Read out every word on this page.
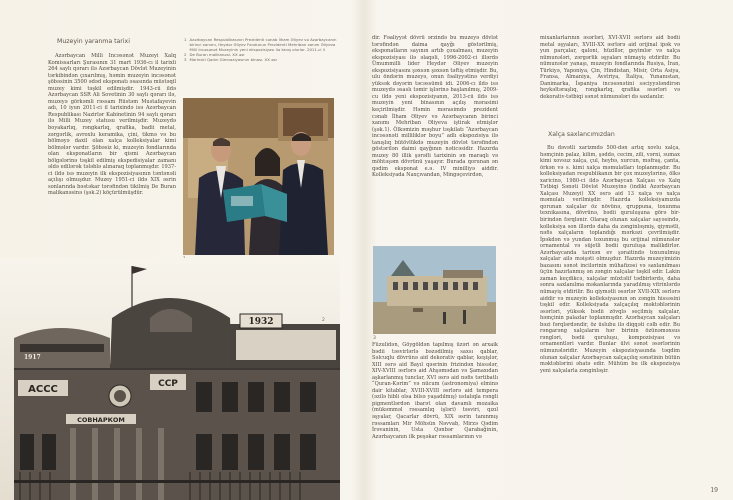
Muzeyin yaranma tarixi

Azərbaycan Milli İncəsənət Muzeyi Xalq Komissarları Şurasının 31 mart 1936-cı il tarixli 264 saylı qərarı ilə Azərbaycan Dövlət Muzeyinin tərkibindən çıxarılmış, həmin muzeyin incəsənət şöbəsinin 3500 ədəd eksponatı əsasında müstəqil muzey kimi təşkil edilmişdir. 1943-cü ildə Azərbaycan SSR Ali Sovetinin 30 saylı qərarı ilə, muzeyə görkəmli rəssam Rüstəm Mustafayevin adı, 10 iyun 2011-ci il tarixində isə Azərbaycan Respublikası Nazirlər Kabinetinin 94 saylı qərarı ilə Milli Muzey statusu verilmişdir. Muzeydə boyakarlıq, rəngkarlıq, qrafika, badii metal, zərgərlik, avroxlu keramika, çini, tikmə və bu bölməyə daxil olan xalça kolleksiyalar kimi bölmələr vardır. Şöbəsiz ki, muzeyin fondlarında olan eksponatların bir qismi Azərbaycan bölgələrinə təşkil edilmiş ekspedisiyalar zamanı əldə edilərək tələblə alınaraq toplanmışdır. 1937-ci ildə isə muzeyin ilk ekspozisiyasının təntənəli açılışı olmuşdur. Muzey 1951-ci ildə XIX əsrin sonlarında bəstəkar tərəfindən tikilmiş De Buran malikanəsinə (şək.2) köçürülmüşdür.

1 Azərbaycan Respublikasının Prezidenti cənab İlham Əliyev və Azərbaycanın birinci xanımı, Heydər Əliyev Fondunun Prezidenti Mehriban xanım Əliyeva Milli İncəsənət Muzeyinin yeni ekspozisiyası ilə tanış olurlar. 2011-ci il
2 De Buran malikanəsi. XX əsr
3 Marinski Qadın Gimnaziyasının binası. XX əsr
1932
1917
АССС	ССР
СОВНАРКОМ
2

dir. Fəaliyyət dövrü ərzində bu muzeyə dövlət tərəfindən daima qayğı göstərilmiş, eksponatların sayının artıb çoxalması, muzeyin ekspozisiyası ilə əlaqəli, 1996-2002-ci illərdə Ümummilli lider Heydər Əliyev muzeyin ekspozisiyasını şəxsən şəxsən təftiş etmişdir. Bu, ulu öndərin muzeyə, onun fəaliyyətinə verdiyi yüksək dəyərin təcəssümü idi. 2006-cı ildə isə muzeydə əsaslı təmir işlərinə başlanılmış, 2009-cu ildə yeni ekspozisiyanın, 2013-cü ildə isə muzeyin yeni binasının açılış mərasimi keçirilmişdir. Həmin mərasimdə prezident cənab İlham Əliyev və Azərbaycanın birinci xanımı Mehriban Əliyeva iştirak etmişlər (şək.1). Ölkəmizin məşhur təşkilatı “Azərbaycan incəsənəti milliliklər boyu” adlı ekspozisiya ilə tanışlıq bütövlükdə muzeyin dövlət tərəfindən göstərilən daimi qayğının nəticəsidir. Hazırda muzey 80 illik şərəfli tarixinin ən maraqlı və möhtəşəm dövrünü yaşayır. Burada qorunan ən qədim eksponat e.ə. IV minilliyə aiddir. Kolleksiyada Naxçıvandan, Mingəçevirdən,

3

Füzulidən, Göygöldən tapılmış üzəri ən arxaik bədii təsvirlərlə bəzədilmiş saxsı qablar, Səlcuqlu dövrünə aid dekorativ qablar, keşişlər, XIII əsrə aid Bayıl qəsrinin frizindən hissələr, XIV-XVIII əsrlərə aid Ahşəmədan və Şamaxıdan aşkarlanmış tunclar, XVI əsrə aid nəfis tərtibatlı “Quran-Kərim” və nücum (astronomiya) elminə dair kitablar, XVIII-XVIII əsrlərə aid tempera (əzilə hibli olsa bilsə yaşadılmış) ustalıqla rəngli pigmentlərdən ibarət olan davamlı mozaika (mükəmməl rəssamlıq işləri) təsviri, qızıl əşyalar, Qacarlar dövrü, XIX əsrin tanınmış rəssamları Mir Möhsün Nəvvab, Mirzə Qədim İrəvaninin, Usta Qənbər Qarabağinin, Azərbaycanın ilk peşəkar rəssamlarının və

mixanlarlarının əsərləri, XVI-XVII əsrlərə aid bədii metal əşyaları, XVIII-XX əsrlərə aid orijinal ipək və yun parçalar, qaloni, hüzillər, geyimlər və xalça nümunələri, zərgərlik əşyaları nümayiş etdirilir. Bu nümunələr yanaşı, muzeyin fondlarında Rusiya, İran, Türkiyə, Yaponiya, Çin, Hindistan, Misir, Orta Asiya, Fransa, Almaniya, Avstriya, İtaliya, Yunanıstan, Danimarka, İspaniya incəsənətini səciyyələndirən heykəltəraşlıq, rəngkarlıq, qrafika əsərləri və dekorativ-tətbiqi sənət nümunələri də saxlanılır.

Xalça saxlancımızdan

Bu dəvətli xarizmdə 500-dən artıq xovlu xalça, həmçinin palaz, kilim, şəddə, cecim, zili, vərni, sumax kimi xovsuz xalça, çul, heybə, xurcun, məfraş, çanta, örkən və s. kimi xalça məmulatları toplanmışdır. Bu kolleksiyadan respublikanın bir çox muzeylərinə, ölkə xaricinə, 1980-ci ildə Azərbaycan Xalçası və Xalq Tətbiqi Sənəti Dövlət Muzeyinə (indiki Azərbaycan Xalçası Muzeyi) XX əsrə aid 13 xalça və xalça məmulatı verilmişdir. Hazırda kolleksiyamızda qorunan xalçalar öz növünə, qruppuna, toxunma texnikasına, dövrünə, bədii quruluşuna görə bir-birindən fərqlənir. Olaraq olunan xalçalar sayəsində, kolleksiya son illərdə daha da zənginləşmiş, qiymətli, nəfis xalçaların toplandığı mərkəzi çevrilmişdir. İpəkdən və yundan toxunmuş bu orijinal nümunələr ornamental və süjetli bədii quruluşa malikdirlər. Azərbaycanda tarixən ev şəraitində toxunulmuş xalçalar ailə məişəti olmuşdur. Hazırda muzeyimizin bazasını sənət incilərinin mühafizəsi və saxlanılması üçün hazırlanmış ən zəngin xalçalar təşkil edir. Lakin zaman keçdikcə, xalçalar müxtəlif tədbirlərdə, daha sonra saxlanılma məkanlarında yaradılmış vitrinlərdə nümayiş etdirilir. Bu qiymətli əsərlər XVII-XIX əsrlərə aiddir və muzeyin kolleksiyasının ən zəngin hissəsini təşkil edir. Kolleksiyada xalçaçılıq məktəblərinin əsərləri, yüksək bədii zövqlə seçilmiş xalçalar, həmçinin palazlar toplanmışdır. Azərbaycan xalçaları bəzi fərqlərdəndir, öz üslubu ilə diqqəti cəlb edir. Bu rəngarəng xalçaların hər birinin özünəməxsus rəngləri, bədii quruluşu, kompozisiyası və ornamentləri vardır. Bunlar ülvi sənət əsərlərinin nümunələridir. Muzeyin ekspozisiyasında təqdim olunan xalçalar Azərbaycan xalçaçılıq sənətinin bütün məktəblərini əhatə edir. Mühüm bu ilk ekspozisiya yeni xalçalarla zənginləşir.

19
